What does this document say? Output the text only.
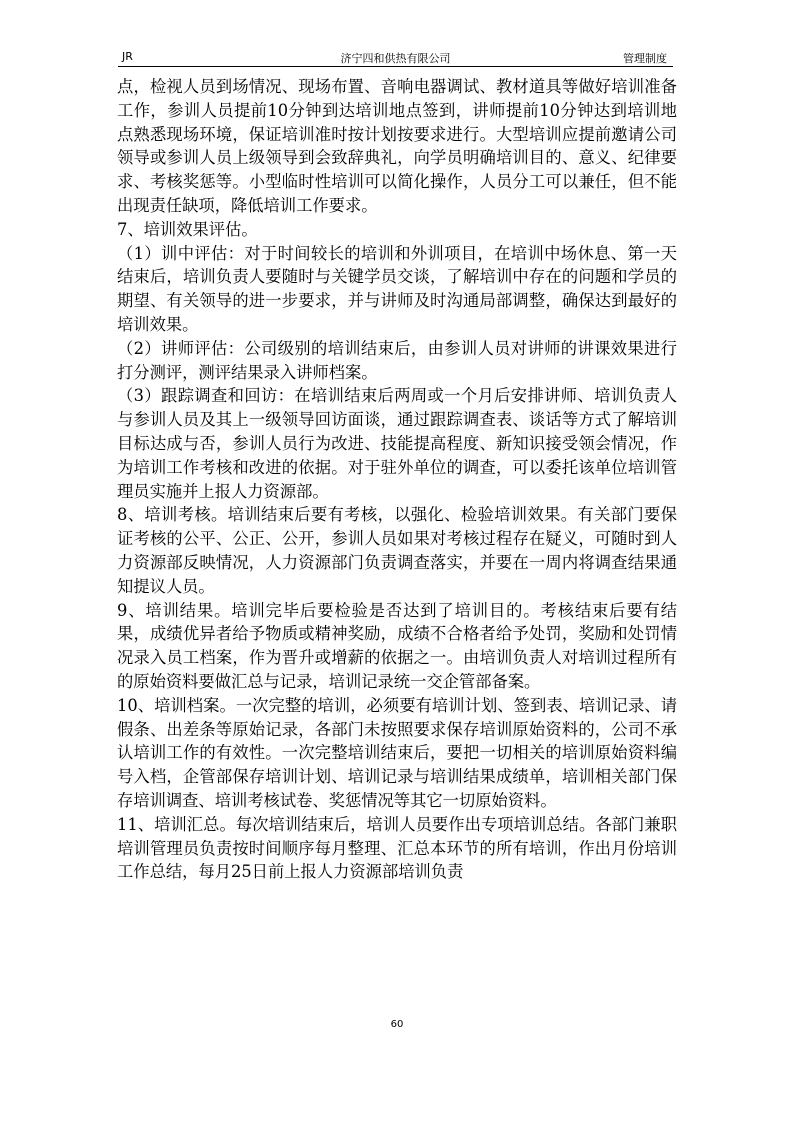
JR	济宁四和供热有限公司	管理制度

点，检视人员到场情况、现场布置、音响电器调试、教材道具等做好培训准备工作，参训人员提前10分钟到达培训地点签到，讲师提前10分钟达到培训地点熟悉现场环境，保证培训准时按计划按要求进行。大型培训应提前邀请公司领导或参训人员上级领导到会致辞典礼，向学员明确培训目的、意义、纪律要求、考核奖惩等。小型临时性培训可以简化操作，人员分工可以兼任，但不能出现责任缺项，降低培训工作要求。

7、培训效果评估。

（1）训中评估：对于时间较长的培训和外训项目，在培训中场休息、第一天结束后，培训负责人要随时与关键学员交谈，了解培训中存在的问题和学员的期望、有关领导的进一步要求，并与讲师及时沟通局部调整，确保达到最好的培训效果。

（2）讲师评估：公司级别的培训结束后，由参训人员对讲师的讲课效果进行打分测评，测评结果录入讲师档案。

（3）跟踪调查和回访：在培训结束后两周或一个月后安排讲师、培训负责人与参训人员及其上一级领导回访面谈，通过跟踪调查表、谈话等方式了解培训目标达成与否，参训人员行为改进、技能提高程度、新知识接受领会情况，作为培训工作考核和改进的依据。对于驻外单位的调查，可以委托该单位培训管理员实施并上报人力资源部。

8、培训考核。培训结束后要有考核，以强化、检验培训效果。有关部门要保证考核的公平、公正、公开，参训人员如果对考核过程存在疑义，可随时到人力资源部反映情况，人力资源部门负责调查落实，并要在一周内将调查结果通知提议人员。

9、培训结果。培训完毕后要检验是否达到了培训目的。考核结束后要有结果，成绩优异者给予物质或精神奖励，成绩不合格者给予处罚，奖励和处罚情况录入员工档案，作为晋升或增薪的依据之一。由培训负责人对培训过程所有的原始资料要做汇总与记录，培训记录统一交企管部备案。

10、培训档案。一次完整的培训，必须要有培训计划、签到表、培训记录、请假条、出差条等原始记录，各部门未按照要求保存培训原始资料的，公司不承认培训工作的有效性。一次完整培训结束后，要把一切相关的培训原始资料编号入档，企管部保存培训计划、培训记录与培训结果成绩单，培训相关部门保存培训调查、培训考核试卷、奖惩情况等其它一切原始资料。

11、培训汇总。每次培训结束后，培训人员要作出专项培训总结。各部门兼职培训管理员负责按时间顺序每月整理、汇总本环节的所有培训，作出月份培训工作总结，每月25日前上报人力资源部培训负责

60
